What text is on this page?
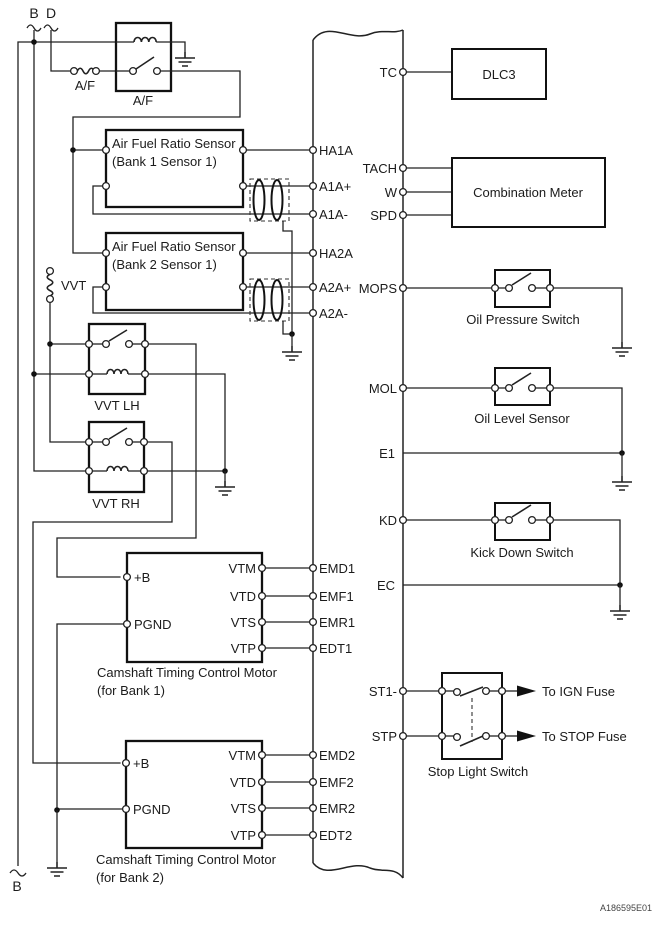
B D
B
A/F
A/F
Air Fuel Ratio Sensor
(Bank 1 Sensor 1)
Air Fuel Ratio Sensor
(Bank 2 Sensor 1)
VVT
VVT LH
VVT RH
+B
PGND
VTM
VTD
VTS
VTP
Camshaft Timing Control Motor
(for Bank 1)
+B
PGND
VTM
VTD
VTS
VTP
Camshaft Timing Control Motor
(for Bank 2)
HA1A
A1A+
A1A-
HA2A
A2A+
A2A-
EMD1
EMF1
EMR1
EDT1
EMD2
EMF2
EMR2
EDT2
TC
TACH
W
SPD
MOPS
MOL
E1
KD
EC
ST1-
STP
DLC3
Combination Meter
Oil Pressure Switch
Oil Level Sensor
Kick Down Switch
Stop Light Switch
To IGN Fuse
To STOP Fuse
A186595E01
